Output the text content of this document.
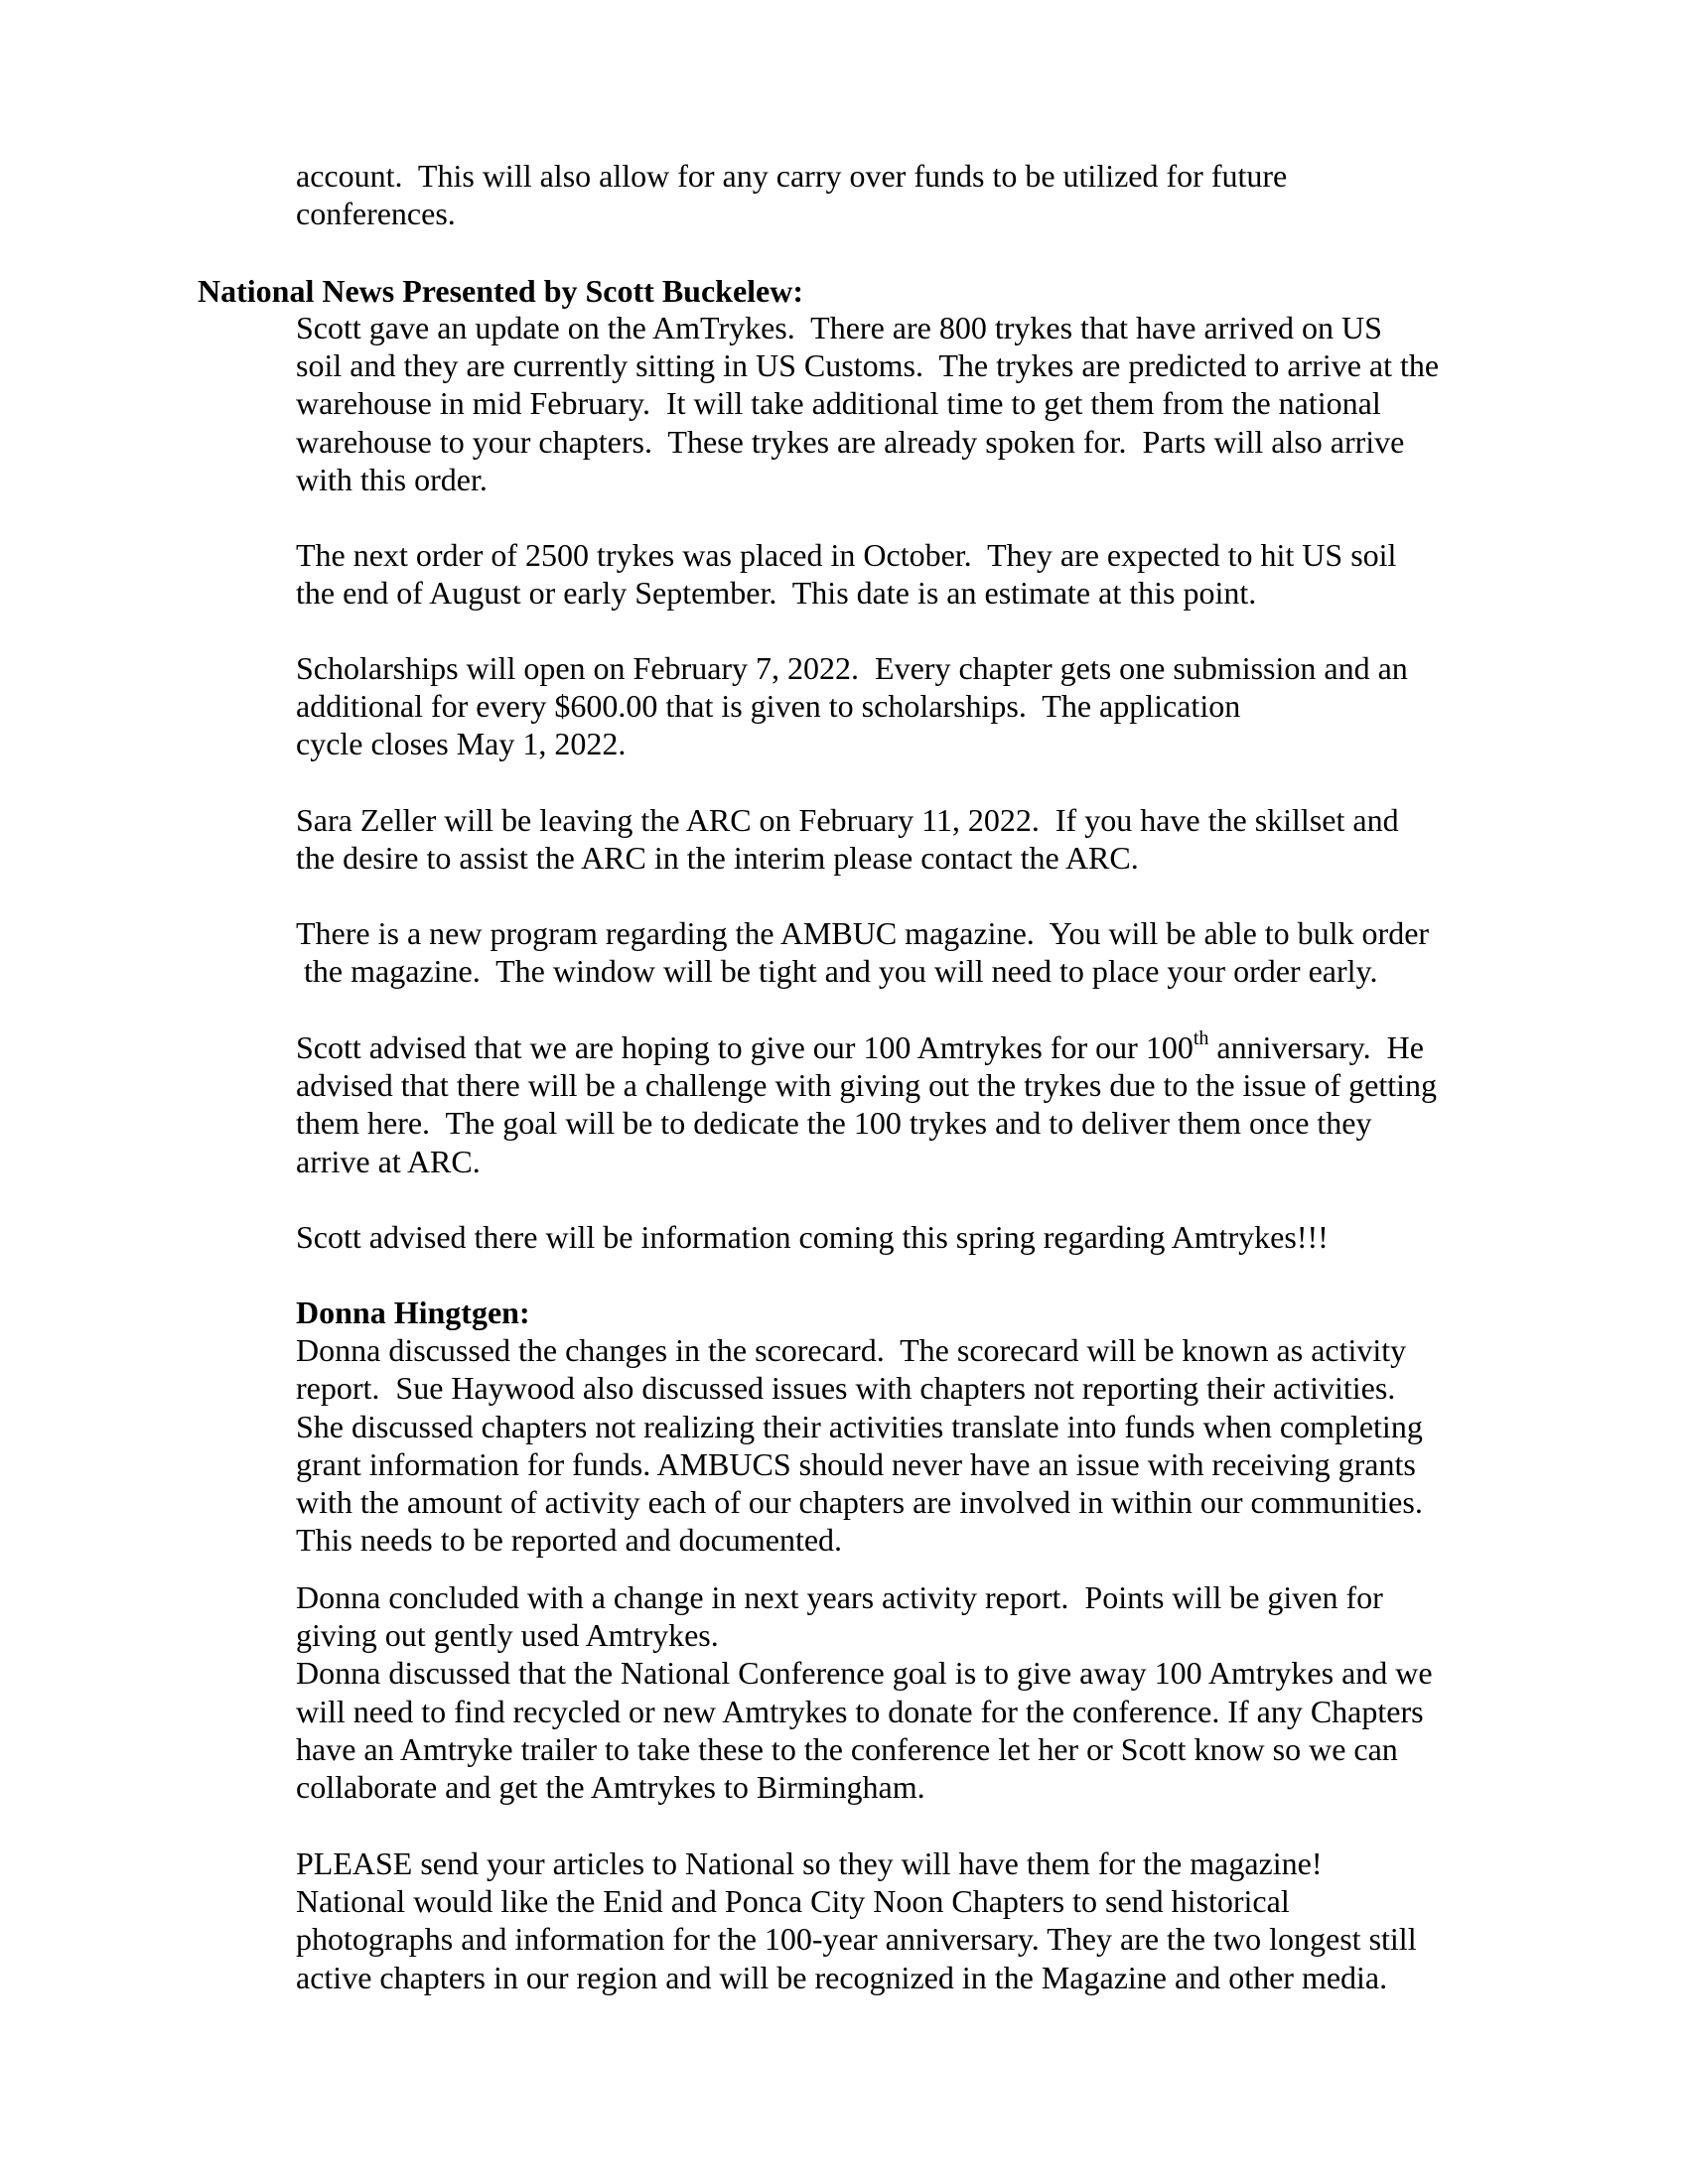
account.  This will also allow for any carry over funds to be utilized for future
conferences.
National News Presented by Scott Buckelew:
Scott gave an update on the AmTrykes.  There are 800 trykes that have arrived on US
soil and they are currently sitting in US Customs.  The trykes are predicted to arrive at the
warehouse in mid February.  It will take additional time to get them from the national
warehouse to your chapters.  These trykes are already spoken for.  Parts will also arrive
with this order.
The next order of 2500 trykes was placed in October.  They are expected to hit US soil
the end of August or early September.  This date is an estimate at this point.
Scholarships will open on February 7, 2022.  Every chapter gets one submission and an
additional for every $600.00 that is given to scholarships.  The application
cycle closes May 1, 2022.
Sara Zeller will be leaving the ARC on February 11, 2022.  If you have the skillset and
the desire to assist the ARC in the interim please contact the ARC.
There is a new program regarding the AMBUC magazine.  You will be able to bulk order
the magazine.  The window will be tight and you will need to place your order early.
Scott advised that we are hoping to give our 100 Amtrykes for our 100th anniversary.  He
advised that there will be a challenge with giving out the trykes due to the issue of getting
them here.  The goal will be to dedicate the 100 trykes and to deliver them once they
arrive at ARC.
Scott advised there will be information coming this spring regarding Amtrykes!!!
Donna Hingtgen:
Donna discussed the changes in the scorecard.  The scorecard will be known as activity
report.  Sue Haywood also discussed issues with chapters not reporting their activities.
She discussed chapters not realizing their activities translate into funds when completing
grant information for funds. AMBUCS should never have an issue with receiving grants
with the amount of activity each of our chapters are involved in within our communities.
This needs to be reported and documented.
Donna concluded with a change in next years activity report.  Points will be given for
giving out gently used Amtrykes.
Donna discussed that the National Conference goal is to give away 100 Amtrykes and we
will need to find recycled or new Amtrykes to donate for the conference. If any Chapters
have an Amtryke trailer to take these to the conference let her or Scott know so we can
collaborate and get the Amtrykes to Birmingham.
PLEASE send your articles to National so they will have them for the magazine!
National would like the Enid and Ponca City Noon Chapters to send historical
photographs and information for the 100-year anniversary. They are the two longest still
active chapters in our region and will be recognized in the Magazine and other media.
